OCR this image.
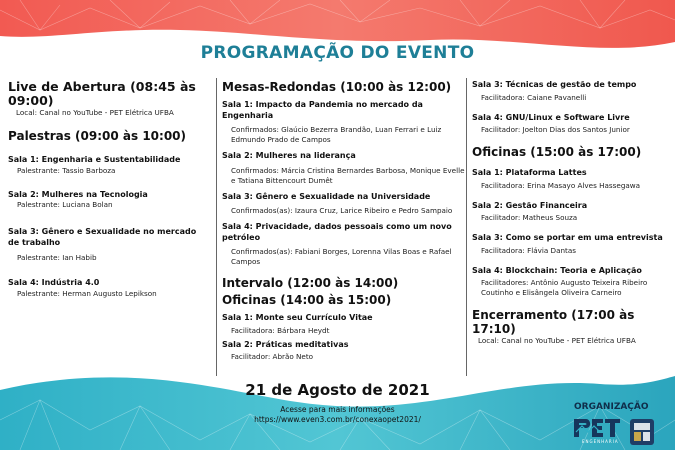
PROGRAMAÇÃO DO EVENTO
Live de Abertura (08:45 às 09:00)
Local: Canal no YouTube - PET Elétrica UFBA
Palestras (09:00 às 10:00)
Sala 1: Engenharia e Sustentabilidade
Palestrante: Tassio Barboza
Sala 2: Mulheres na Tecnologia
Palestrante: Luciana Bolan
Sala 3: Gênero e Sexualidade no mercado de trabalho
Palestrante: Ian Habib
Sala 4: Indústria 4.0
Palestrante: Herman Augusto Lepikson
Mesas-Redondas (10:00 às 12:00)
Sala 1: Impacto da Pandemia no mercado da Engenharia
Confirmados: Glaúcio Bezerra Brandão, Luan Ferrari e Luiz Edmundo Prado de Campos
Sala 2: Mulheres na liderança
Confirmados: Márcia Cristina Bernardes Barbosa, Monique Evelle e Tatiana Bittencourt Dumêt
Sala 3: Gênero e Sexualidade na Universidade
Confirmados(as): Izaura Cruz, Larice Ribeiro e Pedro Sampaio
Sala 4: Privacidade, dados pessoais como um novo petróleo
Confirmados(as): Fabiani Borges, Lorenna Vilas Boas e Rafael Campos
Intervalo (12:00 às 14:00)
Oficinas (14:00 às 15:00)
Sala 1: Monte seu Currículo Vitae
Facilitadora: Bárbara Heydt
Sala 2: Práticas meditativas
Facilitador: Abrão Neto
Sala 3: Técnicas de gestão de tempo
Facilitadora: Caiane Pavanelli
Sala 4: GNU/Linux e Software Livre
Facilitador: Joelton Dias dos Santos Junior
Oficinas (15:00 às 17:00)
Sala 1: Plataforma Lattes
Facilitadora: Erina Masayo Alves Hassegawa
Sala 2: Gestão Financeira
Facilitador: Matheus Souza
Sala 3: Como se portar em uma entrevista
Facilitadora: Flávia Dantas
Sala 4: Blockchain: Teoria e Aplicação
Facilitadores: Antônio Augusto Teixeira Ribeiro Coutinho e Elisângela Oliveira Carneiro
Encerramento (17:00 às 17:10)
Local: Canal no YouTube - PET Elétrica UFBA
21 de Agosto de 2021
Acesse para mais informações
https://www.even3.com.br/conexaopet2021/
ORGANIZAÇÃO
ENGENHARIA
